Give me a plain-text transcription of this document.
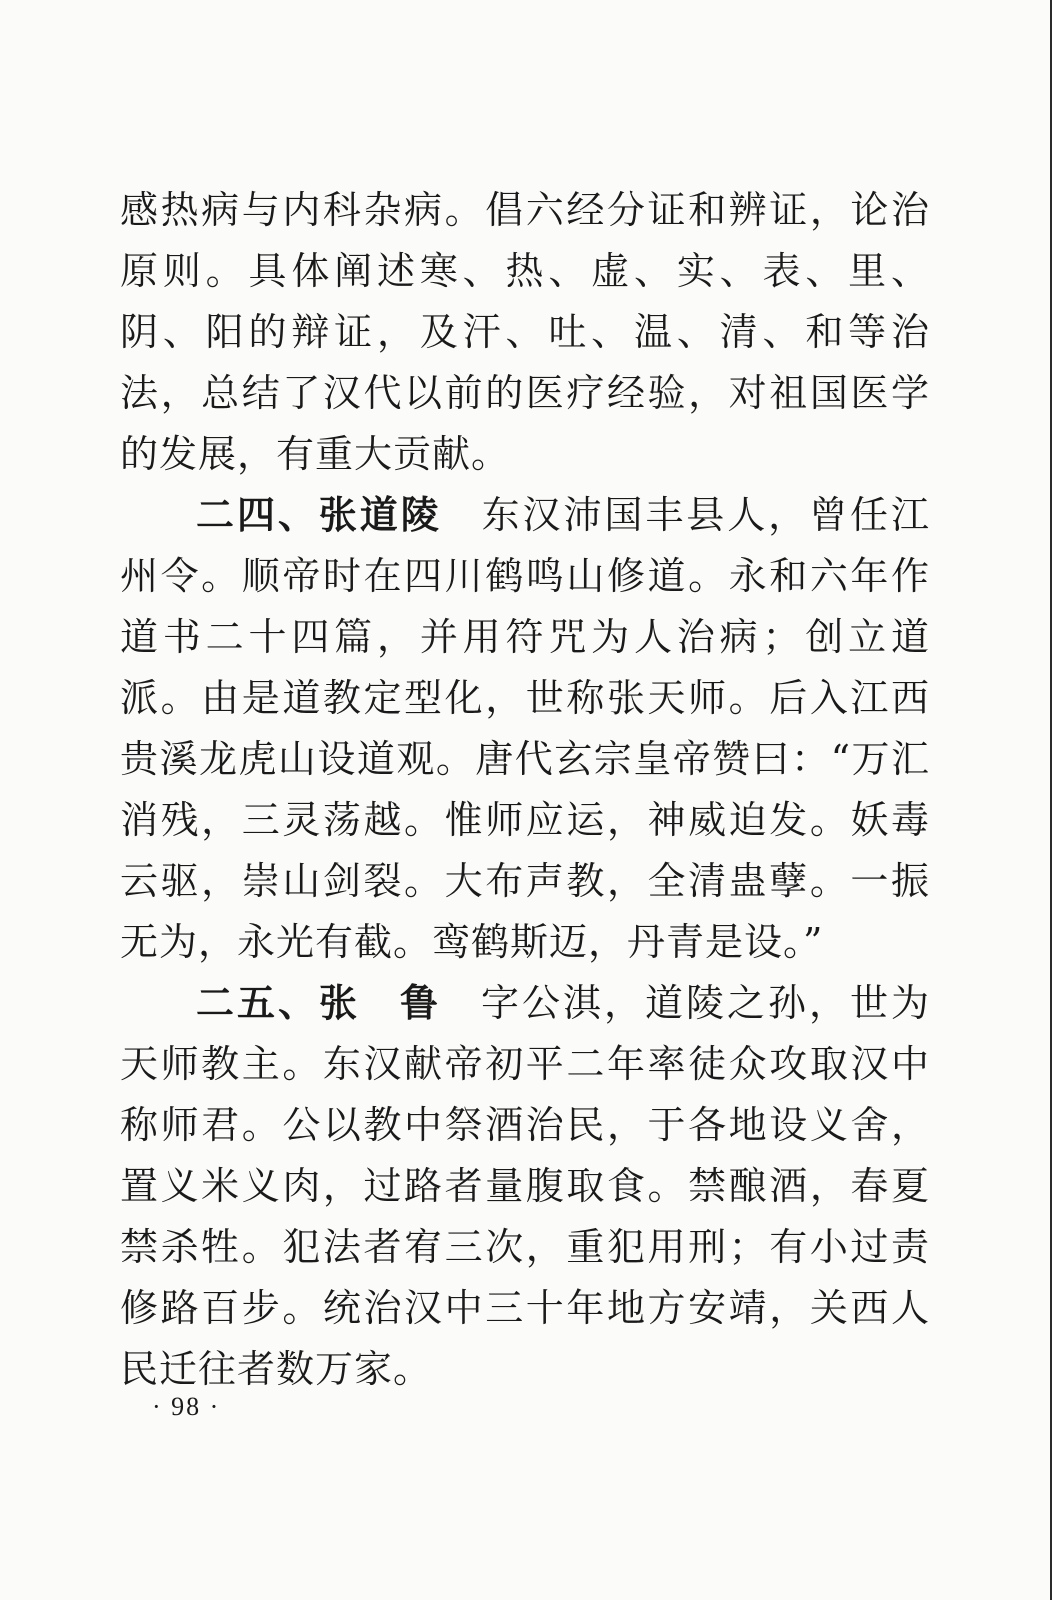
感热病与内科杂病。倡六经分证和辨证，论治原则。具体阐述寒、热、虚、实、表、里、阴、阳的辩证，及汗、吐、温、清、和等治法，总结了汉代以前的医疗经验，对祖国医学的发展，有重大贡献。

二四、张道陵 东汉沛国丰县人，曾任江州令。顺帝时在四川鹤鸣山修道。永和六年作道书二十四篇，并用符咒为人治病；创立道派。由是道教定型化，世称张天师。后入江西贵溪龙虎山设道观。唐代玄宗皇帝赞曰：“万汇消残，三灵荡越。惟师应运，神威迫发。妖毒云驱，崇山剑裂。大布声教，全清蛊孽。一振无为，永光有截。鸾鹤斯迈，丹青是设。”

二五、张 鲁 字公淇，道陵之孙，世为天师教主。东汉献帝初平二年率徒众攻取汉中称师君。公以教中祭酒治民，于各地设义舍，置义米义肉，过路者量腹取食。禁酿酒，春夏禁杀牲。犯法者宥三次，重犯用刑；有小过责修路百步。统治汉中三十年地方安靖，关西人民迁往者数万家。

· 98 ·
